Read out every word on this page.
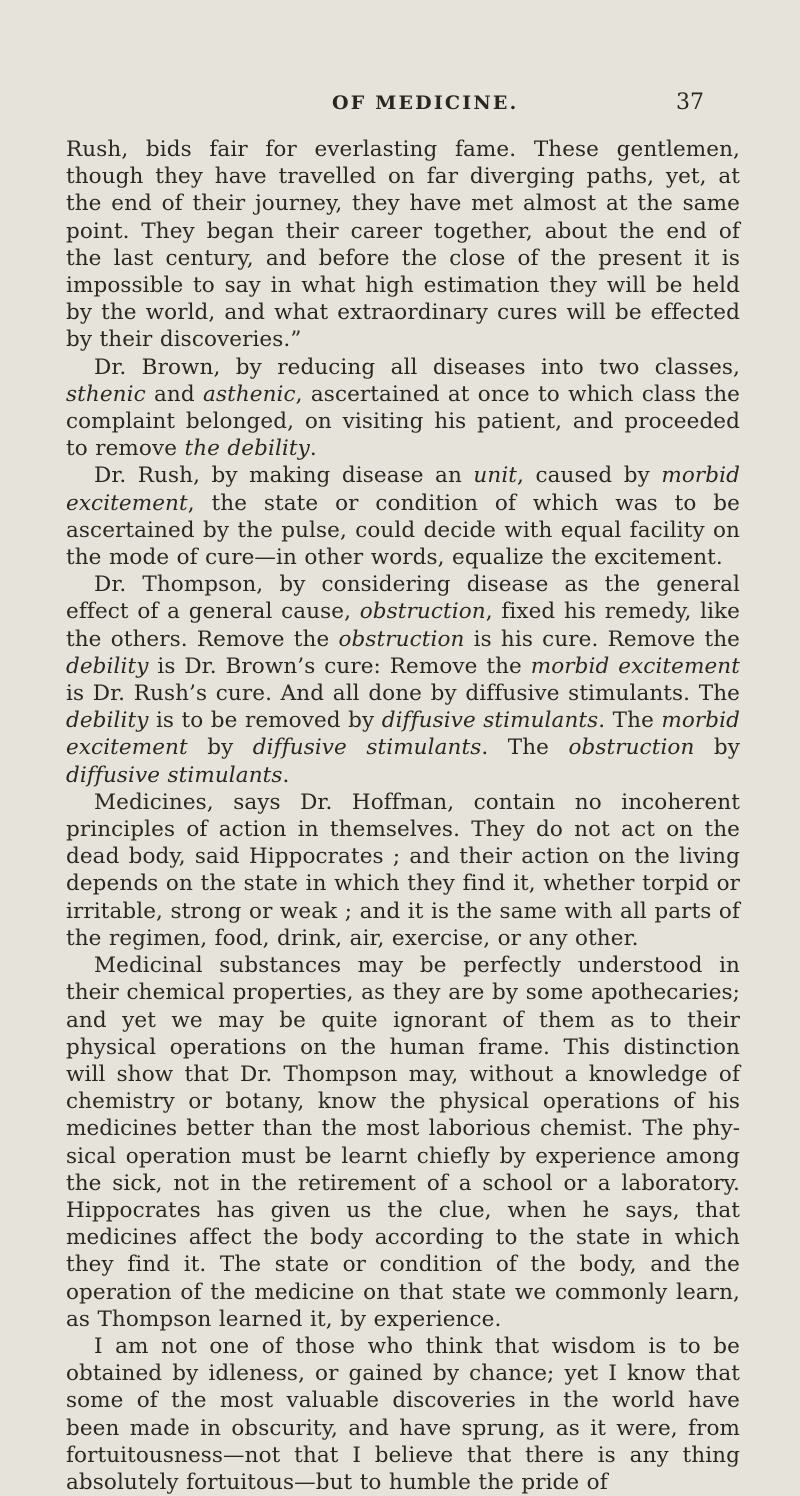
OF MEDICINE.	37

Rush, bids fair for everlasting fame. These gentlemen, though they have travelled on far diverging paths, yet, at the end of their journey, they have met almost at the same point. They began their career together, about the end of the last century, and before the close of the present it is impossible to say in what high estimation they will be held by the world, and what extraordinary cures will be effected by their discoveries.”

Dr. Brown, by reducing all diseases into two classes, sthenic and asthenic, ascertained at once to which class the complaint belonged, on visiting his patient, and proceeded to remove the debility.

Dr. Rush, by making disease an unit, caused by morbid excitement, the state or condition of which was to be ascertained by the pulse, could decide with equal facility on the mode of cure—in other words, equalize the excitement.

Dr. Thompson, by considering disease as the general effect of a general cause, obstruction, fixed his remedy, like the others. Remove the obstruction is his cure. Remove the debility is Dr. Brown’s cure: Remove the morbid excitement is Dr. Rush’s cure. And all done by diffusive stimulants. The debility is to be removed by diffusive stimulants. The morbid excitement by diffusive stimulants. The obstruction by diffusive stimulants.

Medicines, says Dr. Hoffman, contain no incoherent principles of action in themselves. They do not act on the dead body, said Hippocrates ; and their action on the living depends on the state in which they find it, whether torpid or irritable, strong or weak ; and it is the same with all parts of the regimen, food, drink, air, exercise, or any other.

Medicinal substances may be perfectly understood in their chemical properties, as they are by some apothecaries; and yet we may be quite ignorant of them as to their physical operations on the human frame. This distinction will show that Dr. Thompson may, without a knowledge of chemistry or botany, know the physical operations of his medicines better than the most laborious chemist. The physical operation must be learnt chiefly by experience among the sick, not in the retirement of a school or a laboratory. Hippocrates has given us the clue, when he says, that medicines affect the body according to the state in which they find it. The state or condition of the body, and the operation of the medicine on that state we commonly learn, as Thompson learned it, by experience.

I am not one of those who think that wisdom is to be obtained by idleness, or gained by chance; yet I know that some of the most valuable discoveries in the world have been made in obscurity, and have sprung, as it were, from fortuitousness—not that I believe that there is any thing absolutely fortuitous—but to humble the pride of
